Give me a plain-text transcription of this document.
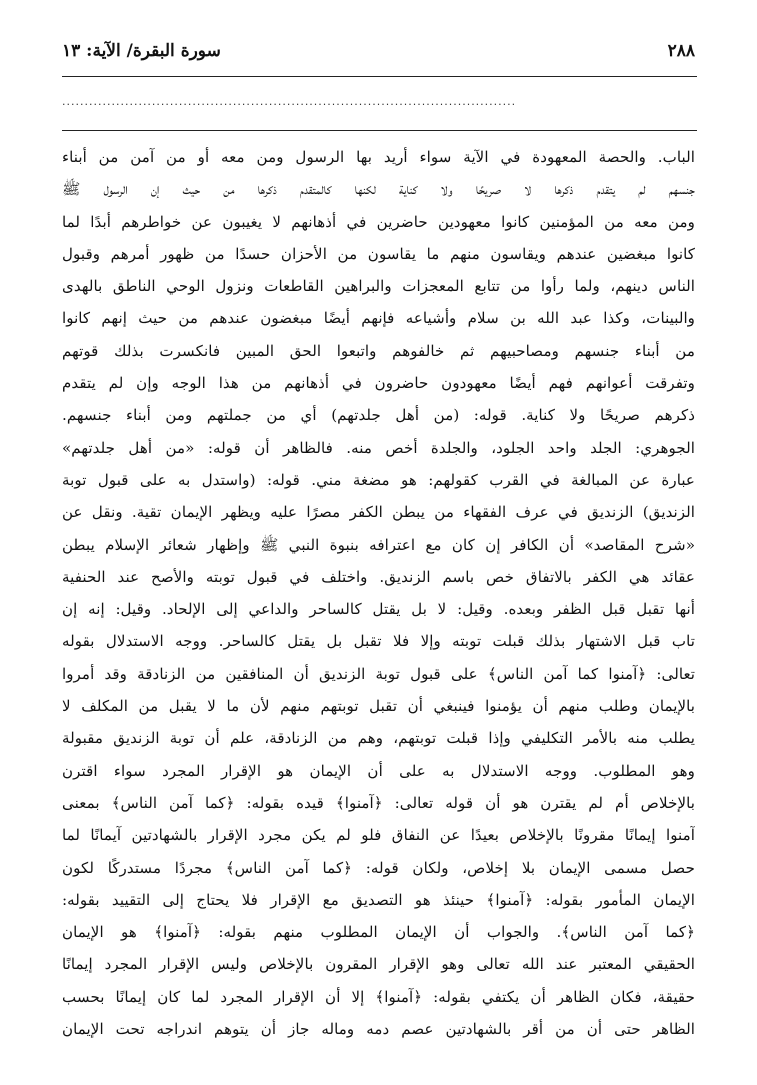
٢٨٨
سورة البقرة/ الآية: ١٣
.....................................................................................................
الباب. والحصة المعهودة في الآية سواء أريد بها الرسول ومن معه أو من آمن من أبناء
جنسهم لم يتقدم ذكرها لا صريحًا ولا كناية لكنها كالمتقدم ذكرها من حيث إن الرسول ﷺ
ومن معه من المؤمنين كانوا معهودين حاضرين في أذهانهم لا يغيبون عن خواطرهم أبدًا لما
كانوا مبغضين عندهم ويقاسون منهم ما يقاسون من الأحزان حسدًا من ظهور أمرهم وقبول
الناس دينهم، ولما رأوا من تتابع المعجزات والبراهين القاطعات ونزول الوحي الناطق بالهدى
والبينات، وكذا عبد الله بن سلام وأشياعه فإنهم أيضًا مبغضون عندهم من حيث إنهم كانوا
من أبناء جنسهم ومصاحبيهم ثم خالفوهم واتبعوا الحق المبين فانكسرت بذلك قوتهم
وتفرقت أعوانهم فهم أيضًا معهودون حاضرون في أذهانهم من هذا الوجه وإن لم يتقدم
ذكرهم صريحًا ولا كناية. قوله: (من أهل جلدتهم) أي من جملتهم ومن أبناء جنسهم.
الجوهري: الجلد واحد الجلود، والجلدة أخص منه. فالظاهر أن قوله: «من أهل جلدتهم»
عبارة عن المبالغة في القرب كقولهم: هو مضغة مني. قوله: (واستدل به على قبول توبة
الزنديق) الزنديق في عرف الفقهاء من يبطن الكفر مصرًا عليه ويظهر الإيمان تقية. ونقل عن
«شرح المقاصد» أن الكافر إن كان مع اعترافه بنبوة النبي ﷺ وإظهار شعائر الإسلام يبطن
عقائد هي الكفر بالاتفاق خص باسم الزنديق. واختلف في قبول توبته والأصح عند الحنفية
أنها تقبل قبل الظفر وبعده. وقيل: لا بل يقتل كالساحر والداعي إلى الإلحاد. وقيل: إنه إن
تاب قبل الاشتهار بذلك قبلت توبته وإلا فلا تقبل بل يقتل كالساحر. ووجه الاستدلال بقوله
تعالى: ﴿آمنوا كما آمن الناس﴾ على قبول توبة الزنديق أن المنافقين من الزنادقة وقد أمروا
بالإيمان وطلب منهم أن يؤمنوا فينبغي أن تقبل توبتهم منهم لأن ما لا يقبل من المكلف لا
يطلب منه بالأمر التكليفي وإذا قبلت توبتهم، وهم من الزنادقة، علم أن توبة الزنديق مقبولة
وهو المطلوب. ووجه الاستدلال به على أن الإيمان هو الإقرار المجرد سواء اقترن
بالإخلاص أم لم يقترن هو أن قوله تعالى: ﴿آمنوا﴾ قيده بقوله: ﴿كما آمن الناس﴾ بمعنى
آمنوا إيمانًا مقرونًا بالإخلاص بعيدًا عن النفاق فلو لم يكن مجرد الإقرار بالشهادتين آيمانًا لما
حصل مسمى الإيمان بلا إخلاص، ولكان قوله: ﴿كما آمن الناس﴾ مجردًا مستدركًا لكون
الإيمان المأمور بقوله: ﴿آمنوا﴾ حينئذ هو التصديق مع الإقرار فلا يحتاج إلى التقييد بقوله:
﴿كما آمن الناس﴾. والجواب أن الإيمان المطلوب منهم بقوله: ﴿آمنوا﴾ هو الإيمان
الحقيقي المعتبر عند الله تعالى وهو الإقرار المقرون بالإخلاص وليس الإقرار المجرد إيمانًا
حقيقة، فكان الظاهر أن يكتفي بقوله: ﴿آمنوا﴾ إلا أن الإقرار المجرد لما كان إيمانًا بحسب
الظاهر حتى أن من أقر بالشهادتين عصم دمه وماله جاز أن يتوهم اندراجه تحت الإيمان
